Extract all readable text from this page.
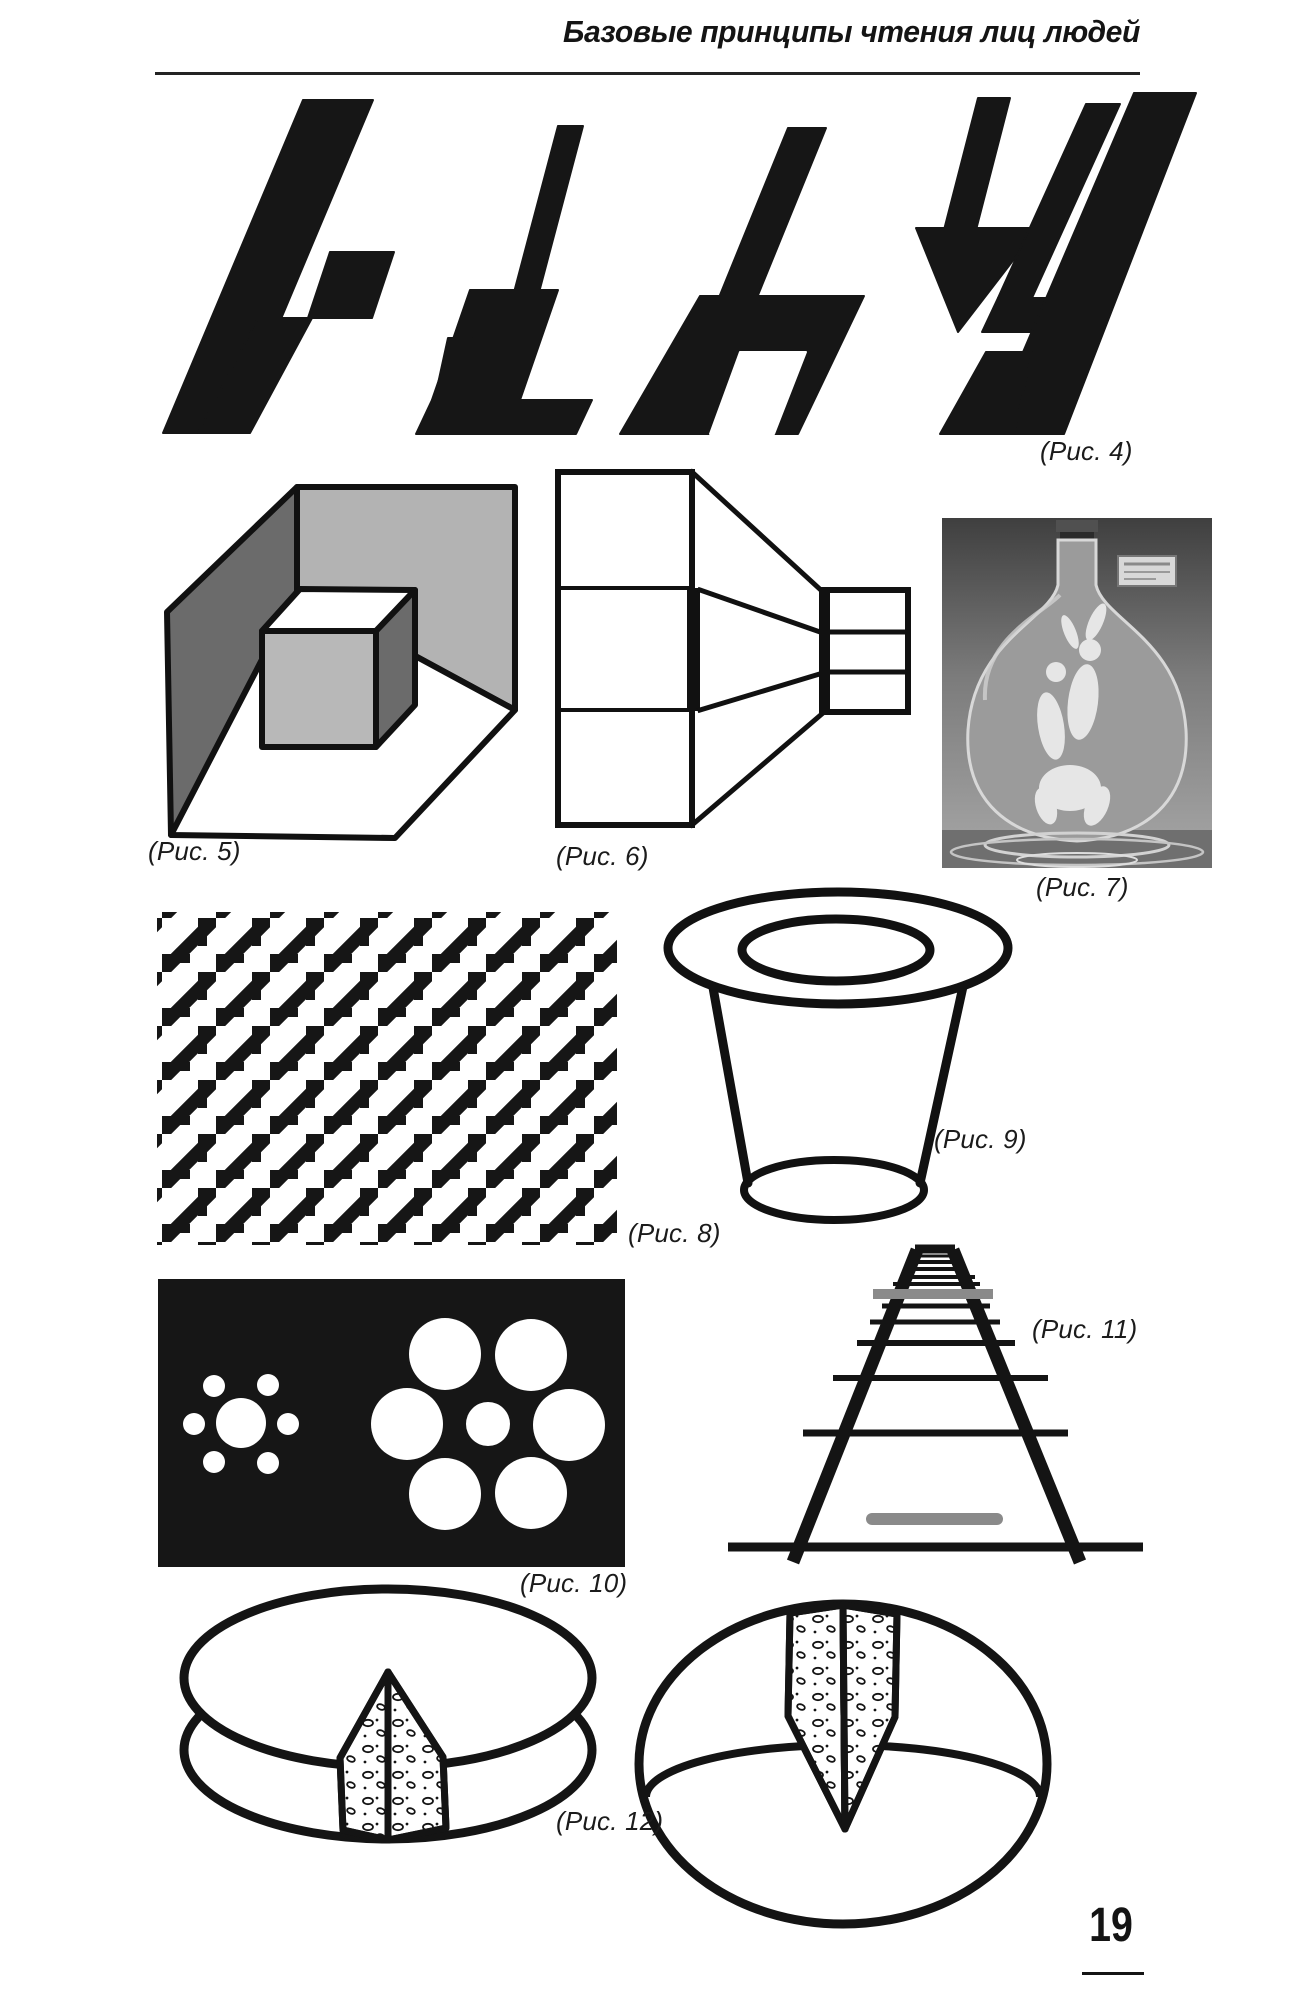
Базовые принципы чтения лиц людей
(Рис. 4)
(Рис. 5)	(Рис. 6)
(Рис. 7)
(Рис. 8)
(Рис. 9)
(Рис. 10)
(Рис. 11)
(Рис. 12)
19
